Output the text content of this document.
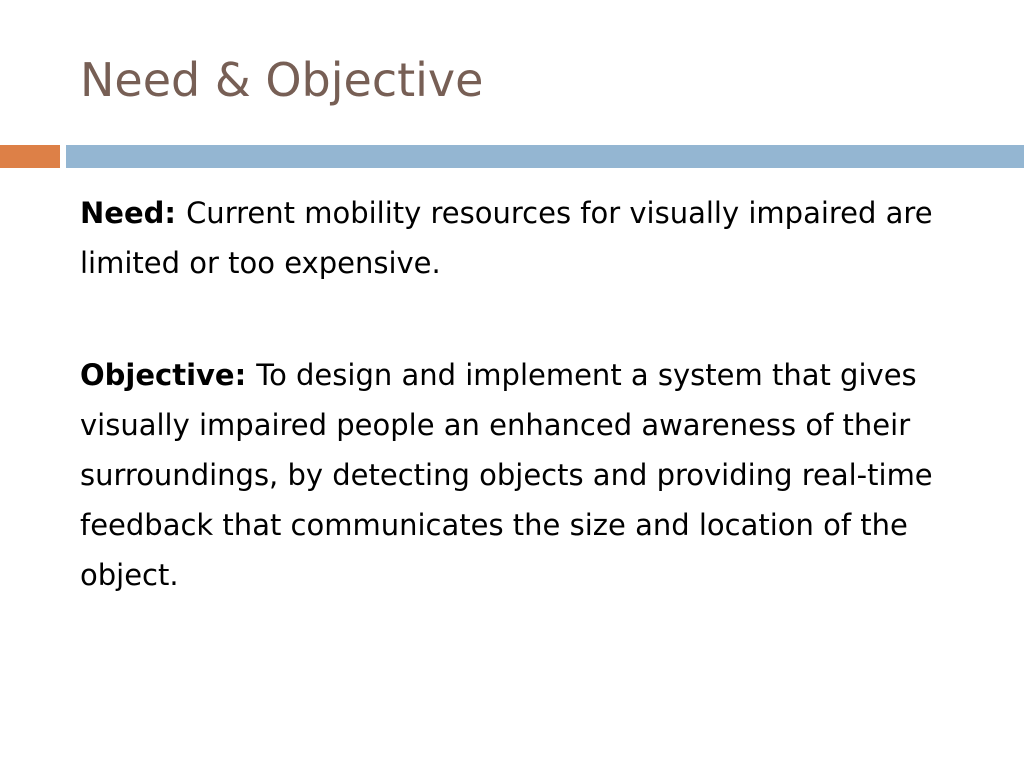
Need & Objective

Need: Current mobility resources for visually impaired are limited or too expensive.

Objective: To design and implement a system that gives visually impaired people an enhanced awareness of their surroundings, by detecting objects and providing real-time feedback that communicates the size and location of the object.
